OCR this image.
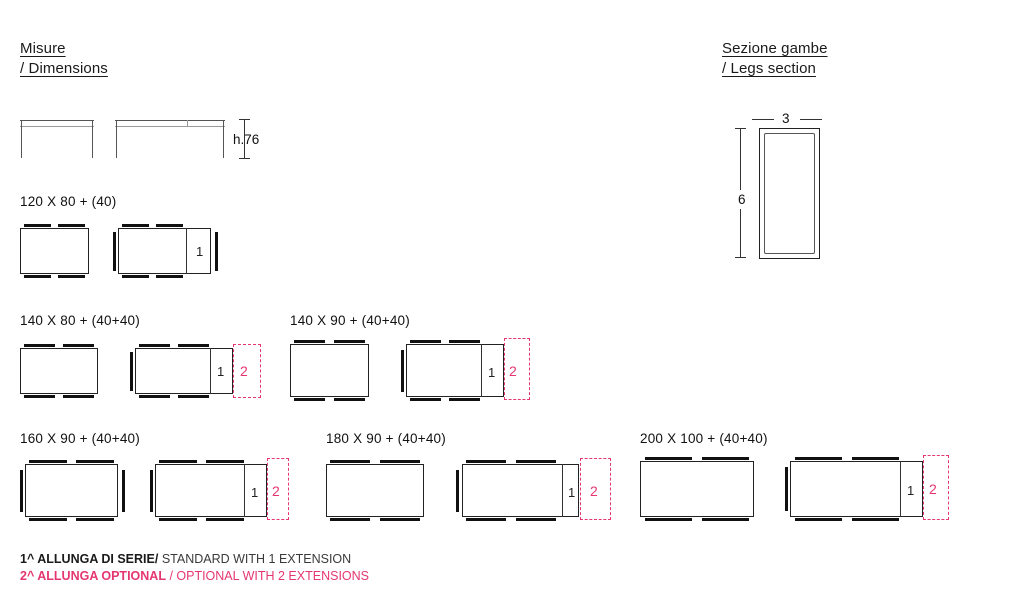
Misure
/ Dimensions
Sezione gambe
/ Legs section
h.76
3
6
120 X 80 + (40)
1
140 X 80 + (40+40)
1 2
140 X 90 + (40+40)
1 2
160 X 90 + (40+40)
1 2
180 X 90 + (40+40)
1 2
200 X 100 + (40+40)
1 2
1^ ALLUNGA DI SERIE/ STANDARD WITH 1 EXTENSION
2^ ALLUNGA OPTIONAL / OPTIONAL WITH 2 EXTENSIONS
